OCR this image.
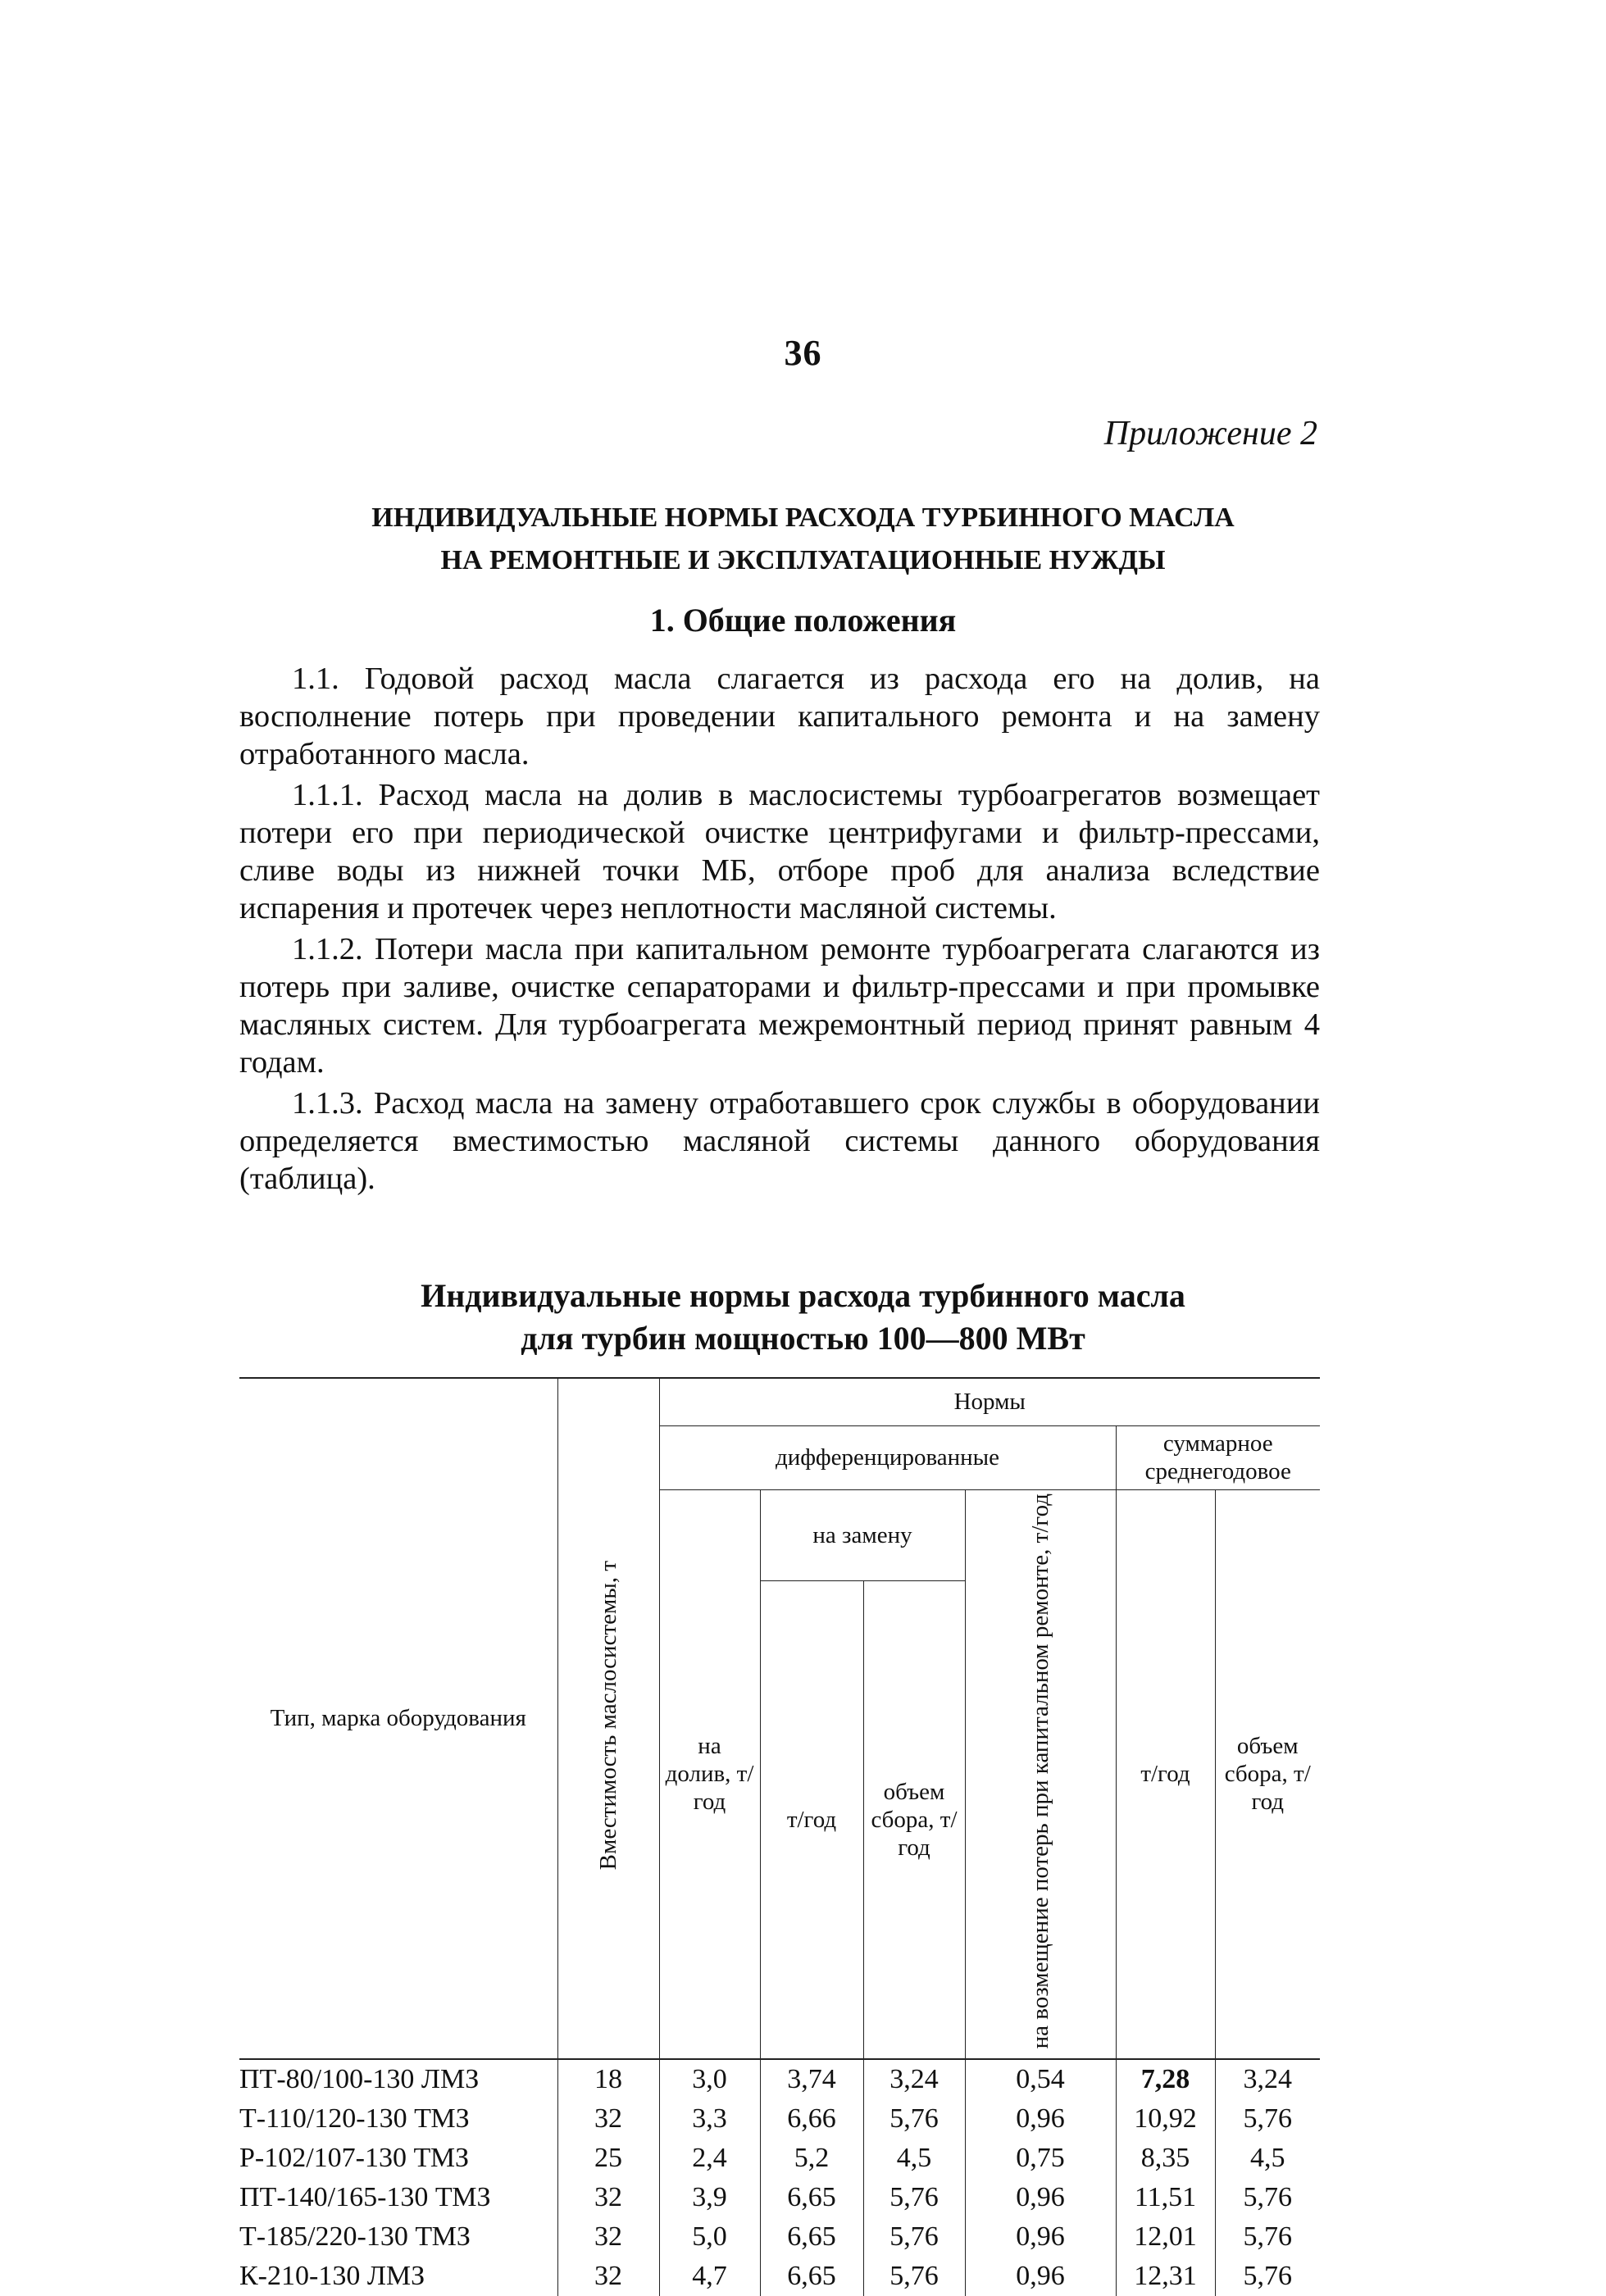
36
Приложение 2
ИНДИВИДУАЛЬНЫЕ НОРМЫ РАСХОДА ТУРБИННОГО МАСЛА
НА РЕМОНТНЫЕ И ЭКСПЛУАТАЦИОННЫЕ НУЖДЫ
1. Общие положения

1.1. Годовой расход масла слагается из расхода его на долив, на восполнение потерь при проведении капитального ремонта и на замену отработанного масла.

1.1.1. Расход масла на долив в маслосистемы турбоагрегатов возмещает потери его при периодической очистке центрифугами и фильтр-прессами, сливе воды из нижней точки МБ, отборе проб для анализа вследствие испарения и протечек через неплотности масляной системы.

1.1.2. Потери масла при капитальном ремонте турбоагрегата слагаются из потерь при заливе, очистке сепараторами и фильтр-прессами и при промывке масляных систем. Для турбоагрегата межремонтный период принят равным 4 годам.

1.1.3. Расход масла на замену отработавшего срок службы в оборудовании определяется вместимостью масляной системы данного оборудования (таблица).

Индивидуальные нормы расхода турбинного масла
для турбин мощностью 100—800 МВт
Тип, марка оборудования	Вместимость маслосистемы, т	Нормы					
		дифференцированные				суммарное среднегодовое	
		на долив, т/год	на замену		на возмещение потерь при капитальном ремонте, т/год	т/год	объем сбора, т/год
			т/год	объем сбора, т/год			
ПТ-80/100-130 ЛМЗ	18	3,0	3,74	3,24	0,54	7,28	3,24
Т-110/120-130 ТМЗ	32	3,3	6,66	5,76	0,96	10,92	5,76
Р-102/107-130 ТМЗ	25	2,4	5,2	4,5	0,75	8,35	4,5
ПТ-140/165-130 ТМЗ	32	3,9	6,65	5,76	0,96	11,51	5,76
Т-185/220-130 ТМЗ	32	5,0	6,65	5,76	0,96	12,01	5,76
К-210-130 ЛМЗ	32	4,7	6,65	5,76	0,96	12,31	5,76
